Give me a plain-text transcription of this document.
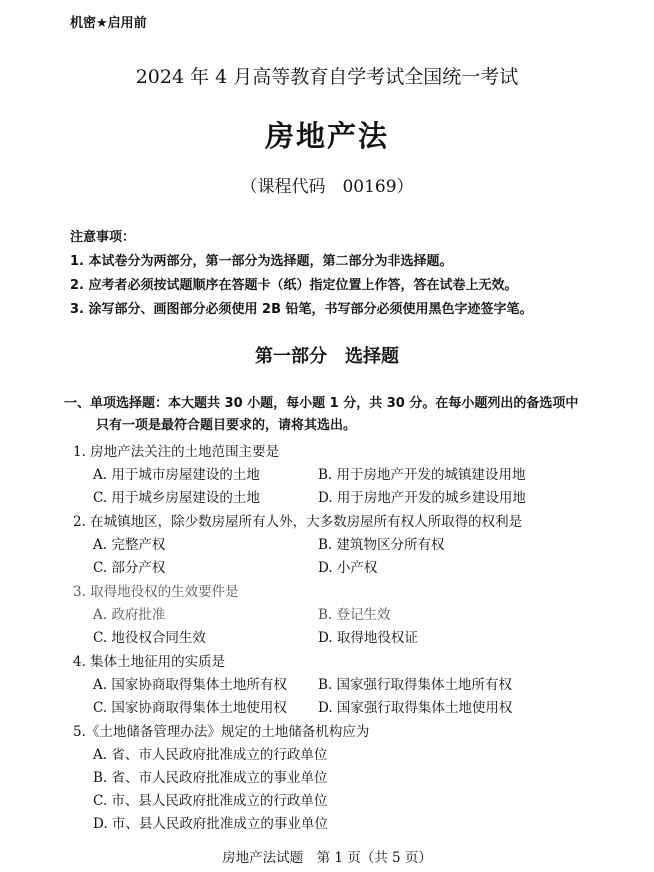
机密★启用前
2024 年 4 月高等教育自学考试全国统一考试
房地产法
（课程代码　00169）
注意事项：
1. 本试卷分为两部分，第一部分为选择题，第二部分为非选择题。
2. 应考者必须按试题顺序在答题卡（纸）指定位置上作答，答在试卷上无效。
3. 涂写部分、画图部分必须使用 2B 铅笔，书写部分必须使用黑色字迹签字笔。
第一部分　选择题
一、单项选择题：本大题共 30 小题，每小题 1 分，共 30 分。在每小题列出的备选项中
只有一项是最符合题目要求的，请将其选出。
1. 房地产法关注的土地范围主要是
A. 用于城市房屋建设的土地	B. 用于房地产开发的城镇建设用地
C. 用于城乡房屋建设的土地	D. 用于房地产开发的城乡建设用地
2. 在城镇地区，除少数房屋所有人外，大多数房屋所有权人所取得的权利是
A. 完整产权	B. 建筑物区分所有权
C. 部分产权	D. 小产权
3. 取得地役权的生效要件是
A. 政府批准	B. 登记生效
C. 地役权合同生效	D. 取得地役权证
4. 集体土地征用的实质是
A. 国家协商取得集体土地所有权 B. 国家强行取得集体土地所有权
C. 国家协商取得集体土地使用权 D. 国家强行取得集体土地使用权
5.《土地储备管理办法》规定的土地储备机构应为
A. 省、市人民政府批准成立的行政单位
B. 省、市人民政府批准成立的事业单位
C. 市、县人民政府批准成立的行政单位
D. 市、县人民政府批准成立的事业单位
房地产法试题　第 1 页（共 5 页）
